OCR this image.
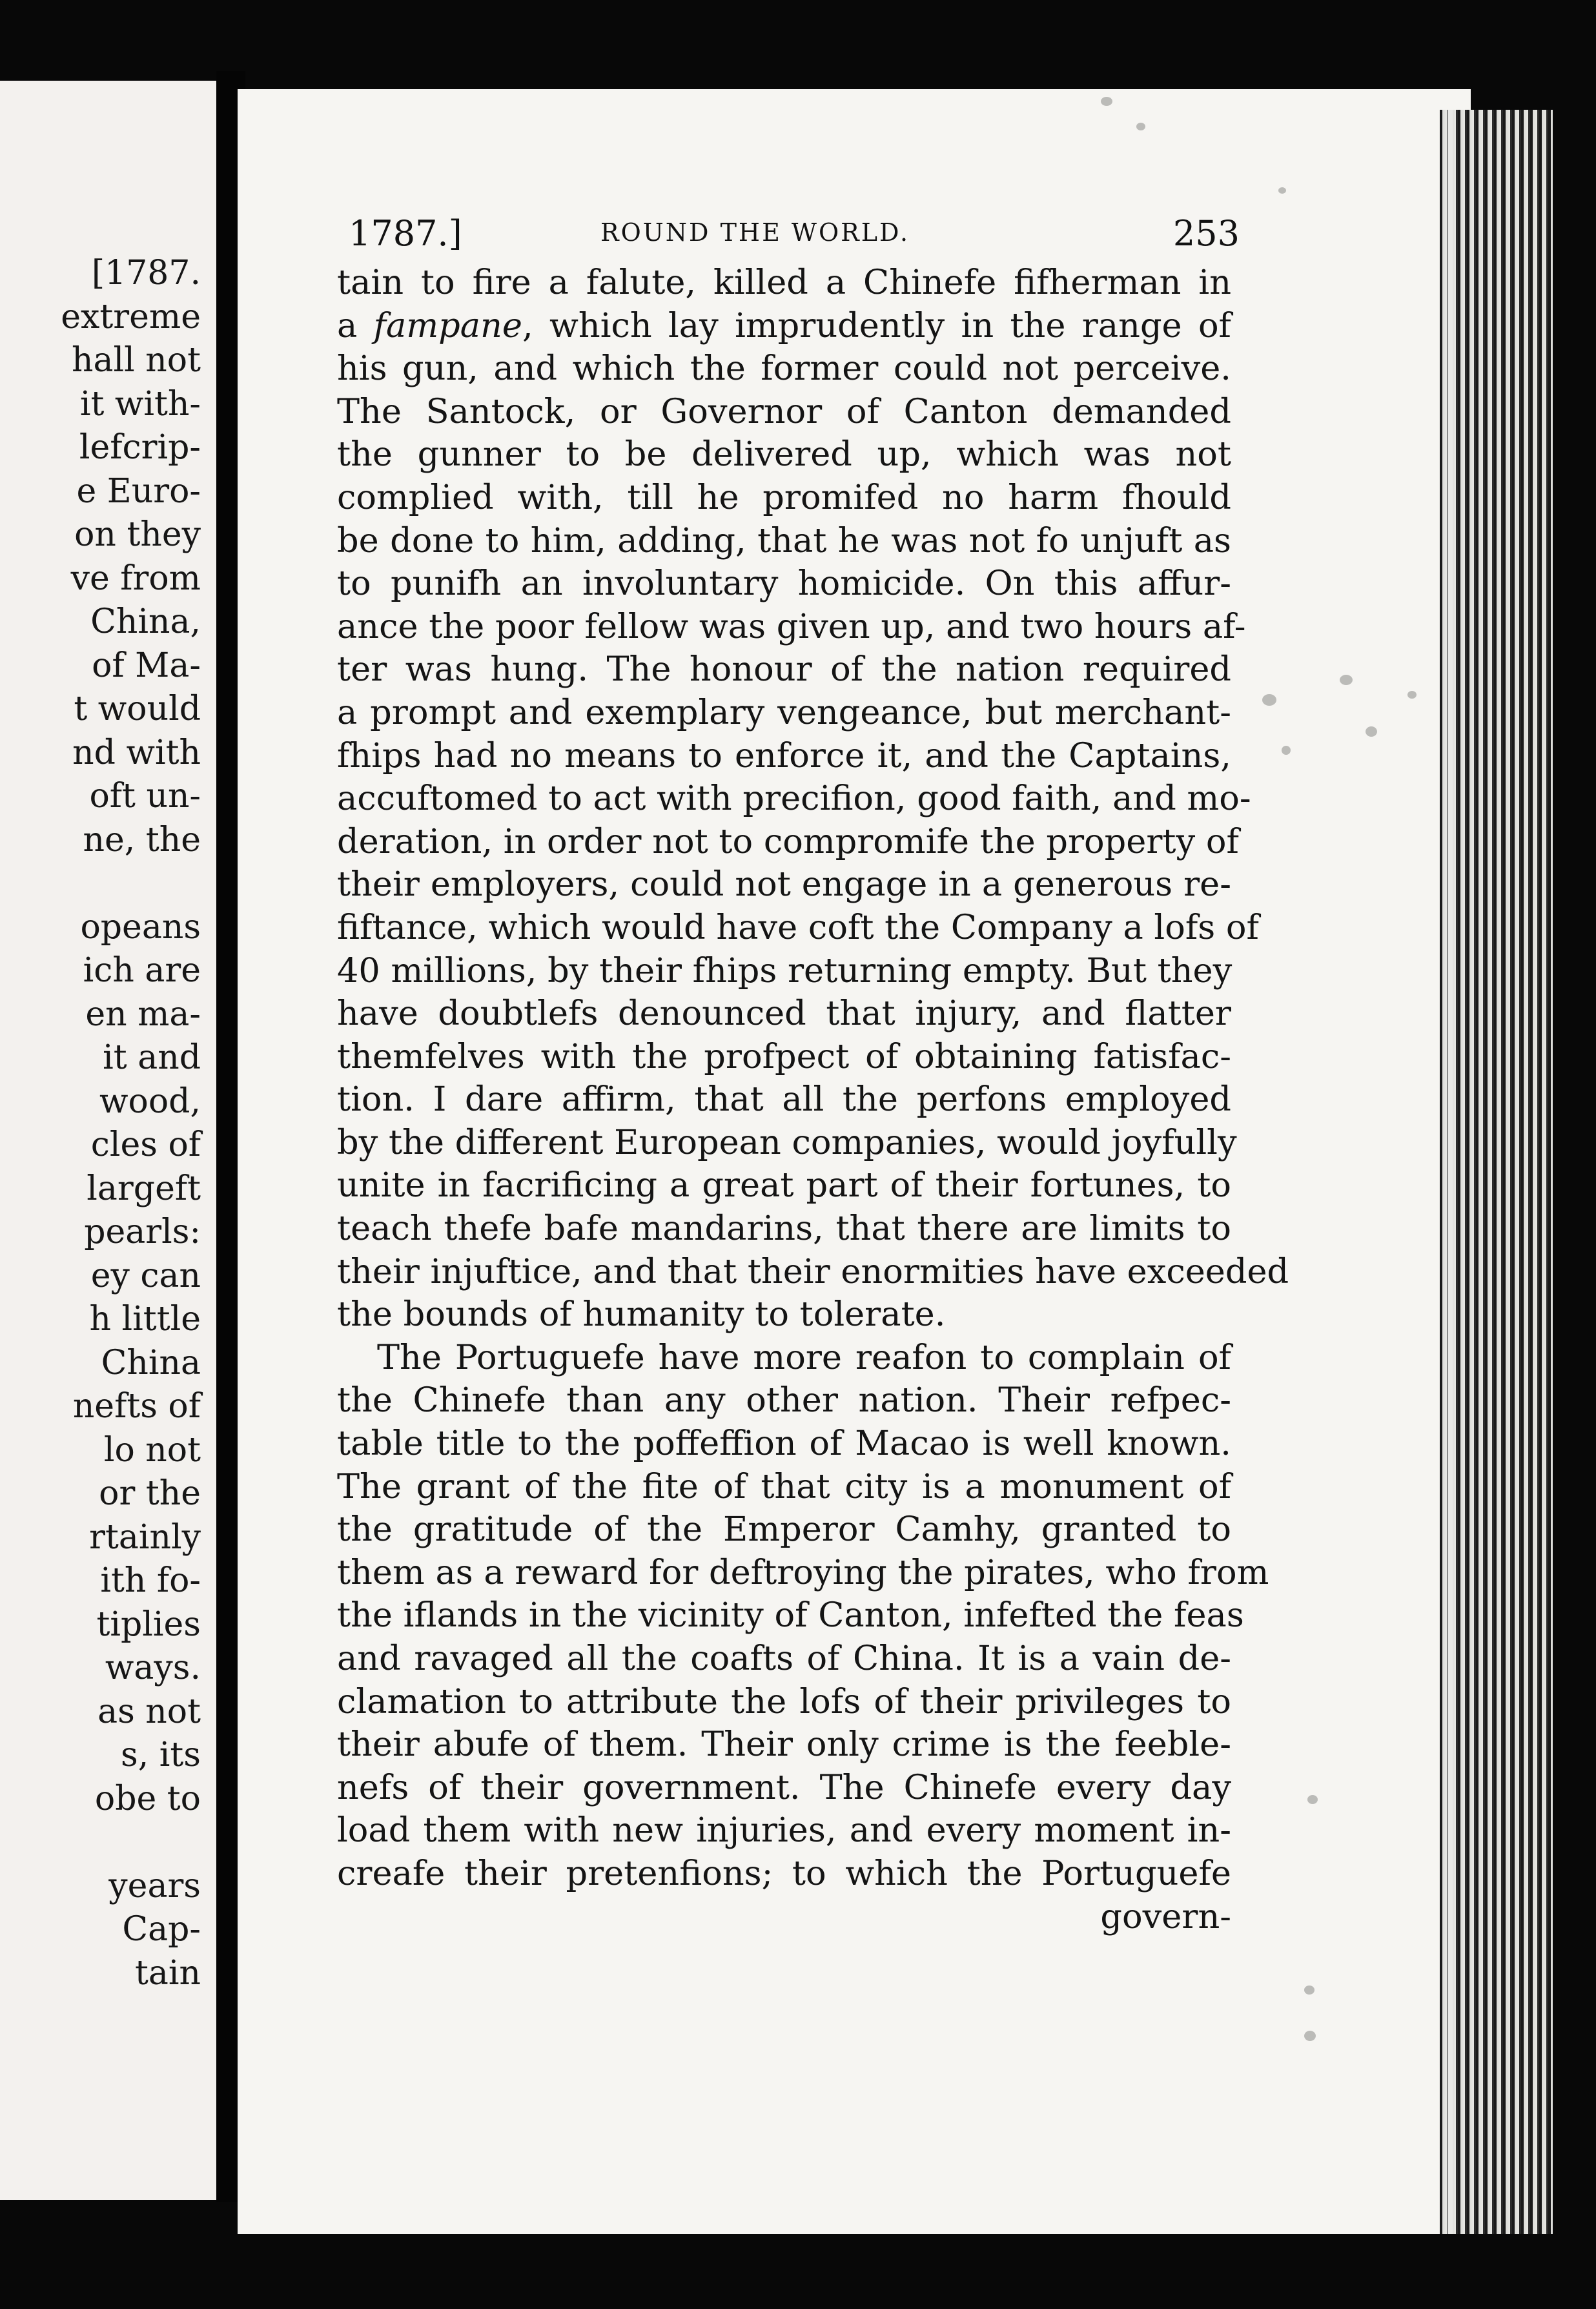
[1787.
extreme
hall not
it with-
lefcrip-
e Euro-
on they
ve from
China,
of Ma-
t would
nd with
oft un-
ne, the
opeans
ich are
en ma-
it and
wood,
cles of
largeft
pearls:
ey can
h little
China
nefts of
lo not
or the
rtainly
ith fo-
tiplies
ways.
as not
s, its
obe to
years
Cap-
tain
1787.]	ROUND THE WORLD.	253
tain to fire a falute, killed a Chinefe fifherman in
a fampane, which lay imprudently in the range of
his gun, and which the former could not perceive.
The Santock, or Governor of Canton demanded
the gunner to be delivered up, which was not
complied with, till he promifed no harm fhould
be done to him, adding, that he was not fo unjuft as
to punifh an involuntary homicide. On this affur-
ance the poor fellow was given up, and two hours af-
ter was hung. The honour of the nation required
a prompt and exemplary vengeance, but merchant-
fhips had no means to enforce it, and the Captains,
accuftomed to act with precifion, good faith, and mo-
deration, in order not to compromife the property of
their employers, could not engage in a generous re-
fiftance, which would have coft the Company a lofs of
40 millions, by their fhips returning empty. But they
have doubtlefs denounced that injury, and flatter
themfelves with the profpect of obtaining fatisfac-
tion. I dare affirm, that all the perfons employed
by the different European companies, would joyfully
unite in facrificing a great part of their fortunes, to
teach thefe bafe mandarins, that there are limits to
their injuftice, and that their enormities have exceeded
the bounds of humanity to tolerate.
The Portuguefe have more reafon to complain of
the Chinefe than any other nation. Their refpec-
table title to the poffeffion of Macao is well known.
The grant of the fite of that city is a monument of
the gratitude of the Emperor Camhy, granted to
them as a reward for deftroying the pirates, who from
the iflands in the vicinity of Canton, infefted the feas
and ravaged all the coafts of China. It is a vain de-
clamation to attribute the lofs of their privileges to
their abufe of them. Their only crime is the feeble-
nefs of their government. The Chinefe every day
load them with new injuries, and every moment in-
creafe their pretenfions; to which the Portuguefe
govern-
